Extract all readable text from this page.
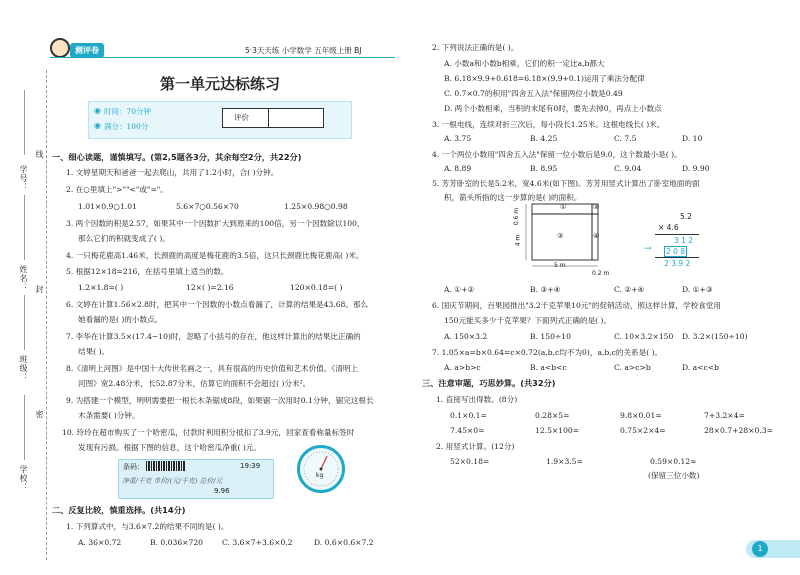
线
封
密
学号：
姓名：
班级：
学校：
测评卷	5·3天天练 小学数学 五年级上册 BJ
第一单元达标练习
◉ 时间：70分钟
◉ 满分：100分
评价
一、细心读题，谨慎填写。(第2,5题各3分，其余每空2分，共22分)
1. 文婷星期天和爸爸一起去爬山，共用了1.2小时，合( )分钟。
2. 在○里填上">""<"或"="。
1.01×0.9○1.01	5.6×7○0.56×70	1.25×0.98○0.98
3. 两个因数的积是2.57，如果其中一个因数扩大到原来的100倍，另一个因数除以100，
那么它们的积就变成了( )。
4. 一只梅花鹿高1.46米，长颈鹿的高度是梅花鹿的3.5倍，这只长颈鹿比梅花鹿高( )米。
5. 根据12×18=216，在括号里填上适当的数。
1.2×1.8=( )	12×( )=2.16	120×0.18=( )
6. 文婷在计算1.56×2.8时，把其中一个因数的小数点看漏了，计算的结果是43.68。那么
她看漏的是( )的小数点。
7. 李华在计算3.5×(17.4−10)时，忽略了小括号的存在，他这样计算出的结果比正确的
结果( )。
8.《清明上河图》是中国十大传世名画之一，具有很高的历史价值和艺术价值。《清明上
河图》宽2.48分米，长52.87分米，估算它的面积不会超过( )分米²。
9. 为搭建一个模型，明明需要把一根长木条锯成8段，如果锯一次用时0.1分钟，锯完这根长
木条需要( )分钟。
10. 玲玲在超市购买了一个哈密瓜，付款时利用积分抵扣了3.9元，回家查看称量标签时
发现有污损。根据下图的信息，这个哈密瓜净重( )元。
条码：	19:39
净重/千克 单价/(元/千克) 总价/元
9.96
kg
二、反复比较，慎重选择。(共14分)
1. 下列算式中，与3.6×7.2的结果不同的是( )。
A. 36×0.72	B. 0.036×720 C. 3.6×7+3.6×0.2	D. 0.6×0.6×7.2
2. 下列说法正确的是( )。
A. 小数a和小数b相乘，它们的积一定比a,b都大
B. 6.18×9.9+0.618=6.18×(9.9+0.1)运用了乘法分配律
C. 0.7×0.7的积用"四舍五入法"保留两位小数是0.49
D. 两个小数相乘，当积的末尾有0时，要先去掉0，再点上小数点
3. 一根电线，连续对折三次后，每小段长1.25米。这根电线长( )米。
A. 3.75	B. 4.25	C. 7.5	D. 10
4. 一个两位小数用"四舍五入法"保留一位小数后是9.0，这个数最小是( )。
A. 8.89	B. 8.95	C. 9.04	D. 9.90
5. 芳芳卧室的长是5.2米，宽4.6米(如下图)。芳芳用竖式计算出了卧室地面的面
积，箭头所指的这一步算的是( )的面积。
①	②
③	④
0.6 m
4 m
5 m
0.2 m
5.2
× 4.6
3 1 2
2 0 8
2 3.9 2
→
A. ①+②	B. ③+④	C. ②+④	D. ①+③
6. 国庆节期间，百果园推出"3.2千克苹果10元"的促销活动，照这样计算，学校食堂用
150元能买多少千克苹果？下面列式正确的是( )。
A. 150×3.2	B. 150÷10	C. 10×3.2×150 D. 3.2×(150÷10)
7. 1.05×a=b×0.64=c×0.72(a,b,c均不为0)，a,b,c的关系是( )。
A. a>b>c	B. a<b<c	C. a>c>b	D. a<c<b
三、注意审题，巧思妙算。(共32分)
1. 直接写出得数。(8分)
0.1×0.1=	0.28×5=	9.8×0.01=	7+3.2×4=
7.45×0=	12.5×100=	0.75×2×4=	28×0.7+28×0.3=
2. 用竖式计算。(12分)
52×0.18=	1.9×3.5=	0.59×0.12≈
(保留三位小数)
1
